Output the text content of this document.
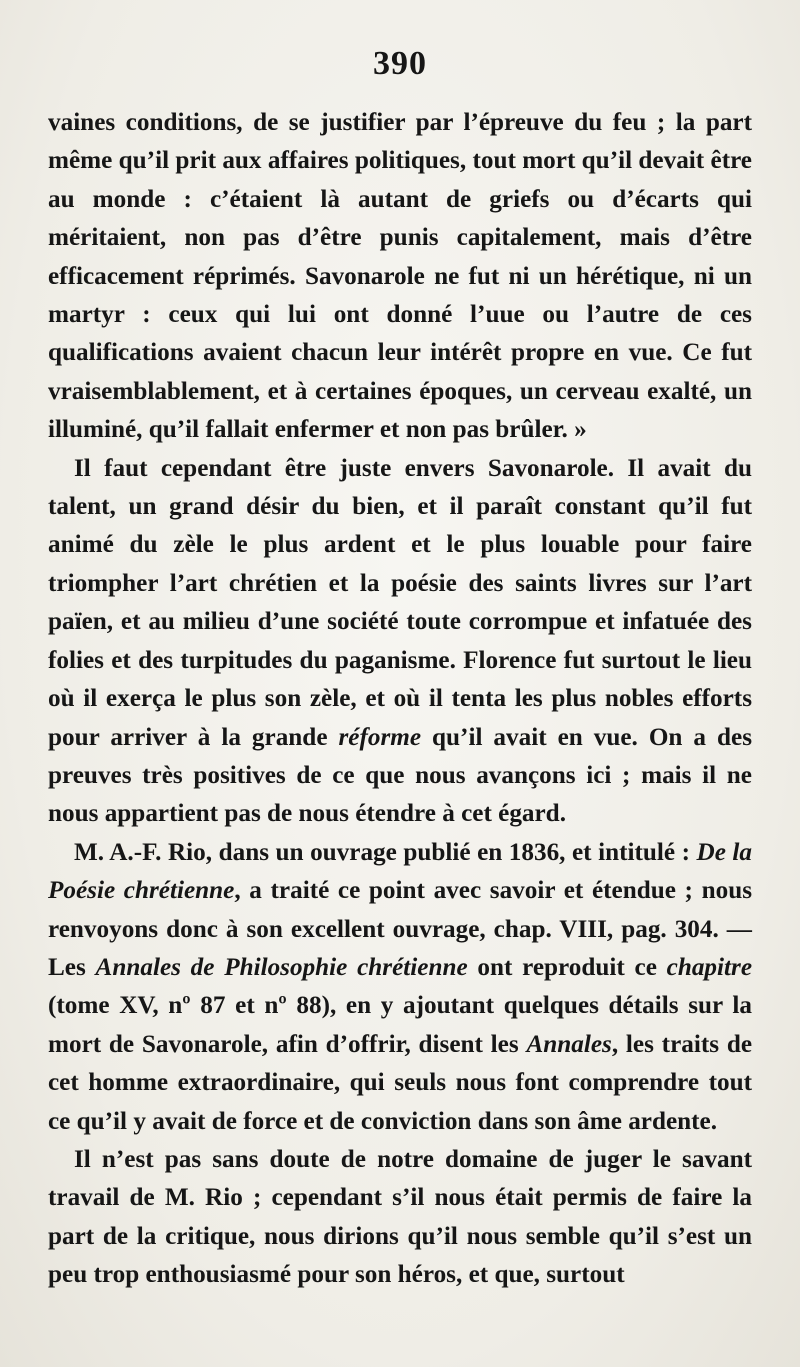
390

vaines conditions, de se justifier par l’épreuve du feu ; la part même qu’il prit aux affaires politiques, tout mort qu’il devait être au monde : c’étaient là autant de griefs ou d’écarts qui méritaient, non pas d’être punis capitalement, mais d’être efficacement réprimés. Savonarole ne fut ni un hérétique, ni un martyr : ceux qui lui ont donné l’uue ou l’autre de ces qualifications avaient chacun leur intérêt propre en vue. Ce fut vraisemblablement, et à certaines époques, un cerveau exalté, un illuminé, qu’il fallait enfermer et non pas brûler. »

Il faut cependant être juste envers Savonarole. Il avait du talent, un grand désir du bien, et il paraît constant qu’il fut animé du zèle le plus ardent et le plus louable pour faire triompher l’art chrétien et la poésie des saints livres sur l’art païen, et au milieu d’une société toute corrompue et infatuée des folies et des turpitudes du paganisme. Florence fut surtout le lieu où il exerça le plus son zèle, et où il tenta les plus nobles efforts pour arriver à la grande réforme qu’il avait en vue. On a des preuves très positives de ce que nous avançons ici ; mais il ne nous appartient pas de nous étendre à cet égard.

M. A.-F. Rio, dans un ouvrage publié en 1836, et intitulé : De la Poésie chrétienne, a traité ce point avec savoir et étendue ; nous renvoyons donc à son excellent ouvrage, chap. VIII, pag. 304. — Les Annales de Philosophie chrétienne ont reproduit ce chapitre (tome XV, nº 87 et nº 88), en y ajoutant quelques détails sur la mort de Savonarole, afin d’offrir, disent les Annales, les traits de cet homme extraordinaire, qui seuls nous font comprendre tout ce qu’il y avait de force et de conviction dans son âme ardente.

Il n’est pas sans doute de notre domaine de juger le savant travail de M. Rio ; cependant s’il nous était permis de faire la part de la critique, nous dirions qu’il nous semble qu’il s’est un peu trop enthousiasmé pour son héros, et que, surtout
